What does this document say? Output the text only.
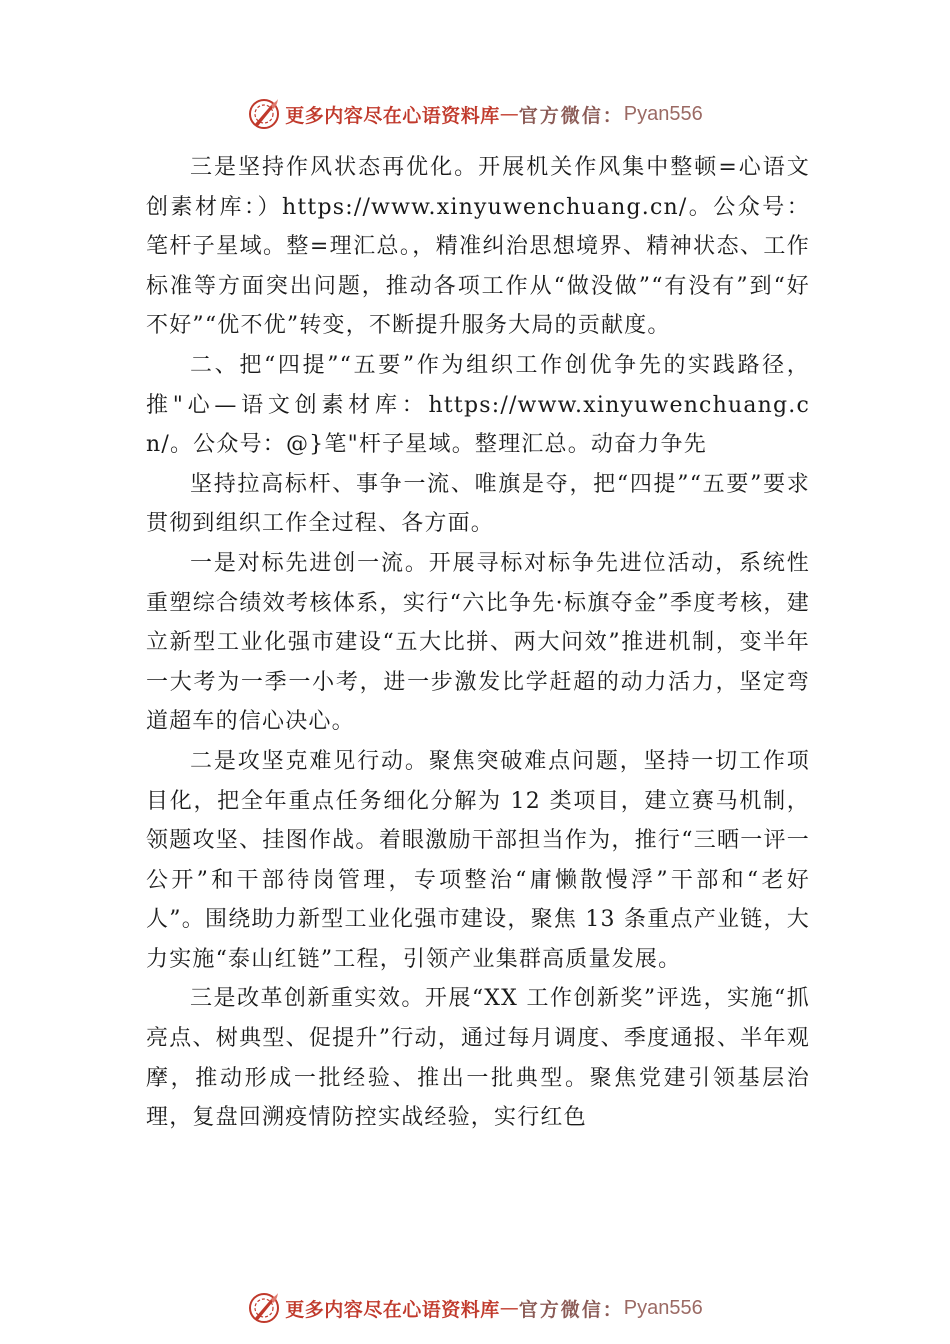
更多内容尽在心语资料库 — 官方微信： Pyan556

三是坚持作风状态再优化。开展机关作风集中整顿=心语文创素材库：）https://www.xinyuwenchuang.cn/。公众号：笔杆子星域。整=理汇总。，精准纠治思想境界、精神状态、工作标准等方面突出问题，推动各项工作从“做没做”“有没有”到“好不好”“优不优”转变，不断提升服务大局的贡献度。

二、把“四提”“五要”作为组织工作创优争先的实践路径，推"心—语文创素材库：https://www.xinyuwenchuang.cn/。公众号：@}笔"杆子星域。整理汇总。动奋力争先

坚持拉高标杆、事争一流、唯旗是夺，把“四提”“五要”要求贯彻到组织工作全过程、各方面。

一是对标先进创一流。开展寻标对标争先进位活动，系统性重塑综合绩效考核体系，实行“六比争先·标旗夺金”季度考核，建立新型工业化强市建设“五大比拼、两大问效”推进机制，变半年一大考为一季一小考，进一步激发比学赶超的动力活力，坚定弯道超车的信心决心。

二是攻坚克难见行动。聚焦突破难点问题，坚持一切工作项目化，把全年重点任务细化分解为 12 类项目，建立赛马机制，领题攻坚、挂图作战。着眼激励干部担当作为，推行“三晒一评一公开”和干部待岗管理，专项整治“庸懒散慢浮”干部和“老好人”。围绕助力新型工业化强市建设，聚焦 13 条重点产业链，大力实施“泰山红链”工程，引领产业集群高质量发展。

三是改革创新重实效。开展“XX 工作创新奖”评选，实施“抓亮点、树典型、促提升”行动，通过每月调度、季度通报、半年观摩，推动形成一批经验、推出一批典型。聚焦党建引领基层治理，复盘回溯疫情防控实战经验，实行红色

更多内容尽在心语资料库 — 官方微信： Pyan556
